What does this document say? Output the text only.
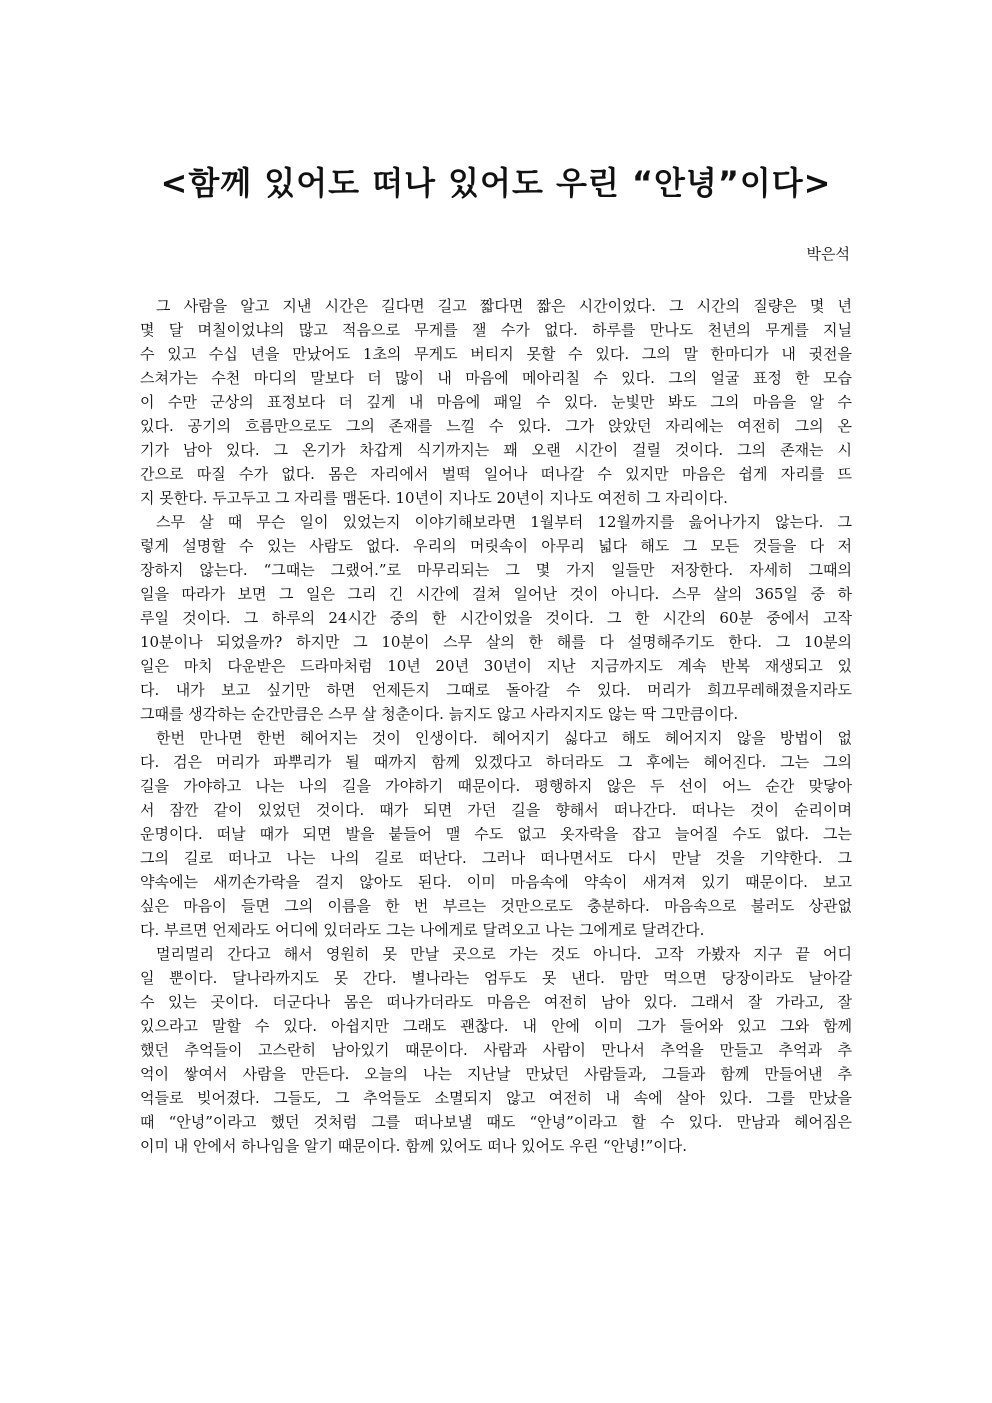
<함께 있어도 떠나 있어도 우린 “안녕”이다>
박은석
그 사람을 알고 지낸 시간은 길다면 길고 짧다면 짧은 시간이었다. 그 시간의 질량은 몇 년
몇 달 며칠이었냐의 많고 적음으로 무게를 잴 수가 없다. 하루를 만나도 천년의 무게를 지닐
수 있고 수십 년을 만났어도 1초의 무게도 버티지 못할 수 있다. 그의 말 한마디가 내 귓전을
스쳐가는 수천 마디의 말보다 더 많이 내 마음에 메아리칠 수 있다. 그의 얼굴 표정 한 모습
이 수만 군상의 표정보다 더 깊게 내 마음에 패일 수 있다. 눈빛만 봐도 그의 마음을 알 수
있다. 공기의 흐름만으로도 그의 존재를 느낄 수 있다. 그가 앉았던 자리에는 여전히 그의 온
기가 남아 있다. 그 온기가 차갑게 식기까지는 꽤 오랜 시간이 걸릴 것이다. 그의 존재는 시
간으로 따질 수가 없다. 몸은 자리에서 벌떡 일어나 떠나갈 수 있지만 마음은 쉽게 자리를 뜨
지 못한다. 두고두고 그 자리를 맴돈다. 10년이 지나도 20년이 지나도 여전히 그 자리이다.
스무 살 때 무슨 일이 있었는지 이야기해보라면 1월부터 12월까지를 읊어나가지 않는다. 그
렇게 설명할 수 있는 사람도 없다. 우리의 머릿속이 아무리 넓다 해도 그 모든 것들을 다 저
장하지 않는다. “그때는 그랬어.”로 마무리되는 그 몇 가지 일들만 저장한다. 자세히 그때의
일을 따라가 보면 그 일은 그리 긴 시간에 걸쳐 일어난 것이 아니다. 스무 살의 365일 중 하
루일 것이다. 그 하루의 24시간 중의 한 시간이었을 것이다. 그 한 시간의 60분 중에서 고작
10분이나 되었을까? 하지만 그 10분이 스무 살의 한 해를 다 설명해주기도 한다. 그 10분의
일은 마치 다운받은 드라마처럼 10년 20년 30년이 지난 지금까지도 계속 반복 재생되고 있
다. 내가 보고 싶기만 하면 언제든지 그때로 돌아갈 수 있다. 머리가 희끄무레해졌을지라도
그때를 생각하는 순간만큼은 스무 살 청춘이다. 늙지도 않고 사라지지도 않는 딱 그만큼이다.
한번 만나면 한번 헤어지는 것이 인생이다. 헤어지기 싫다고 해도 헤어지지 않을 방법이 없
다. 검은 머리가 파뿌리가 될 때까지 함께 있겠다고 하더라도 그 후에는 헤어진다. 그는 그의
길을 가야하고 나는 나의 길을 가야하기 때문이다. 평행하지 않은 두 선이 어느 순간 맞닿아
서 잠깐 같이 있었던 것이다. 때가 되면 가던 길을 향해서 떠나간다. 떠나는 것이 순리이며
운명이다. 떠날 때가 되면 발을 붙들어 맬 수도 없고 옷자락을 잡고 늘어질 수도 없다. 그는
그의 길로 떠나고 나는 나의 길로 떠난다. 그러나 떠나면서도 다시 만날 것을 기약한다. 그
약속에는 새끼손가락을 걸지 않아도 된다. 이미 마음속에 약속이 새겨져 있기 때문이다. 보고
싶은 마음이 들면 그의 이름을 한 번 부르는 것만으로도 충분하다. 마음속으로 불러도 상관없
다. 부르면 언제라도 어디에 있더라도 그는 나에게로 달려오고 나는 그에게로 달려간다.
멀리멀리 간다고 해서 영원히 못 만날 곳으로 가는 것도 아니다. 고작 가봤자 지구 끝 어디
일 뿐이다. 달나라까지도 못 간다. 별나라는 엄두도 못 낸다. 맘만 먹으면 당장이라도 날아갈
수 있는 곳이다. 더군다나 몸은 떠나가더라도 마음은 여전히 남아 있다. 그래서 잘 가라고, 잘
있으라고 말할 수 있다. 아쉽지만 그래도 괜찮다. 내 안에 이미 그가 들어와 있고 그와 함께
했던 추억들이 고스란히 남아있기 때문이다. 사람과 사람이 만나서 추억을 만들고 추억과 추
억이 쌓여서 사람을 만든다. 오늘의 나는 지난날 만났던 사람들과, 그들과 함께 만들어낸 추
억들로 빚어졌다. 그들도, 그 추억들도 소멸되지 않고 여전히 내 속에 살아 있다. 그를 만났을
때 “안녕”이라고 했던 것처럼 그를 떠나보낼 때도 “안녕”이라고 할 수 있다. 만남과 헤어짐은
이미 내 안에서 하나임을 알기 때문이다. 함께 있어도 떠나 있어도 우린 “안녕!”이다.
